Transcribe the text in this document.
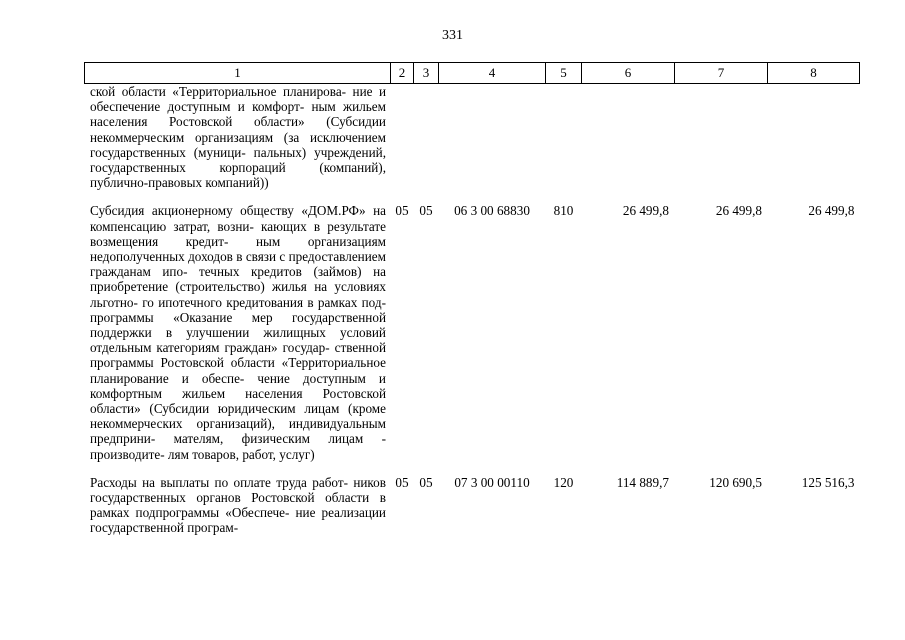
331
1	2	3	4	5	6	7	8
ской области «Территориальное планирова- ние и обеспечение доступным и комфорт- ным жильем населения Ростовской области» (Субсидии некоммерческим организациям (за исключением государственных (муници- пальных) учреждений, государственных корпораций (компаний), публично-правовых компаний))							
Субсидия акционерному обществу «ДОМ.РФ» на компенсацию затрат, возни- кающих в результате возмещения кредит- ным организациям недополученных доходов в связи с предоставлением гражданам ипо- течных кредитов (займов) на приобретение (строительство) жилья на условиях льготно- го ипотечного кредитования в рамках под- программы «Оказание мер государственной поддержки в улучшении жилищных условий отдельным категориям граждан» государ- ственной программы Ростовской области «Территориальное планирование и обеспе- чение доступным и комфортным жильем населения Ростовской области» (Субсидии юридическим лицам (кроме некоммерческих организаций), индивидуальным предприни- мателям, физическим лицам - производите- лям товаров, работ, услуг)	05	05	06 3 00 68830	810	26 499,8	26 499,8	26 499,8
Расходы на выплаты по оплате труда работ- ников государственных органов Ростовской области в рамках подпрограммы «Обеспече- ние реализации государственной програм-	05	05	07 3 00 00110	120	114 889,7	120 690,5	125 516,3
